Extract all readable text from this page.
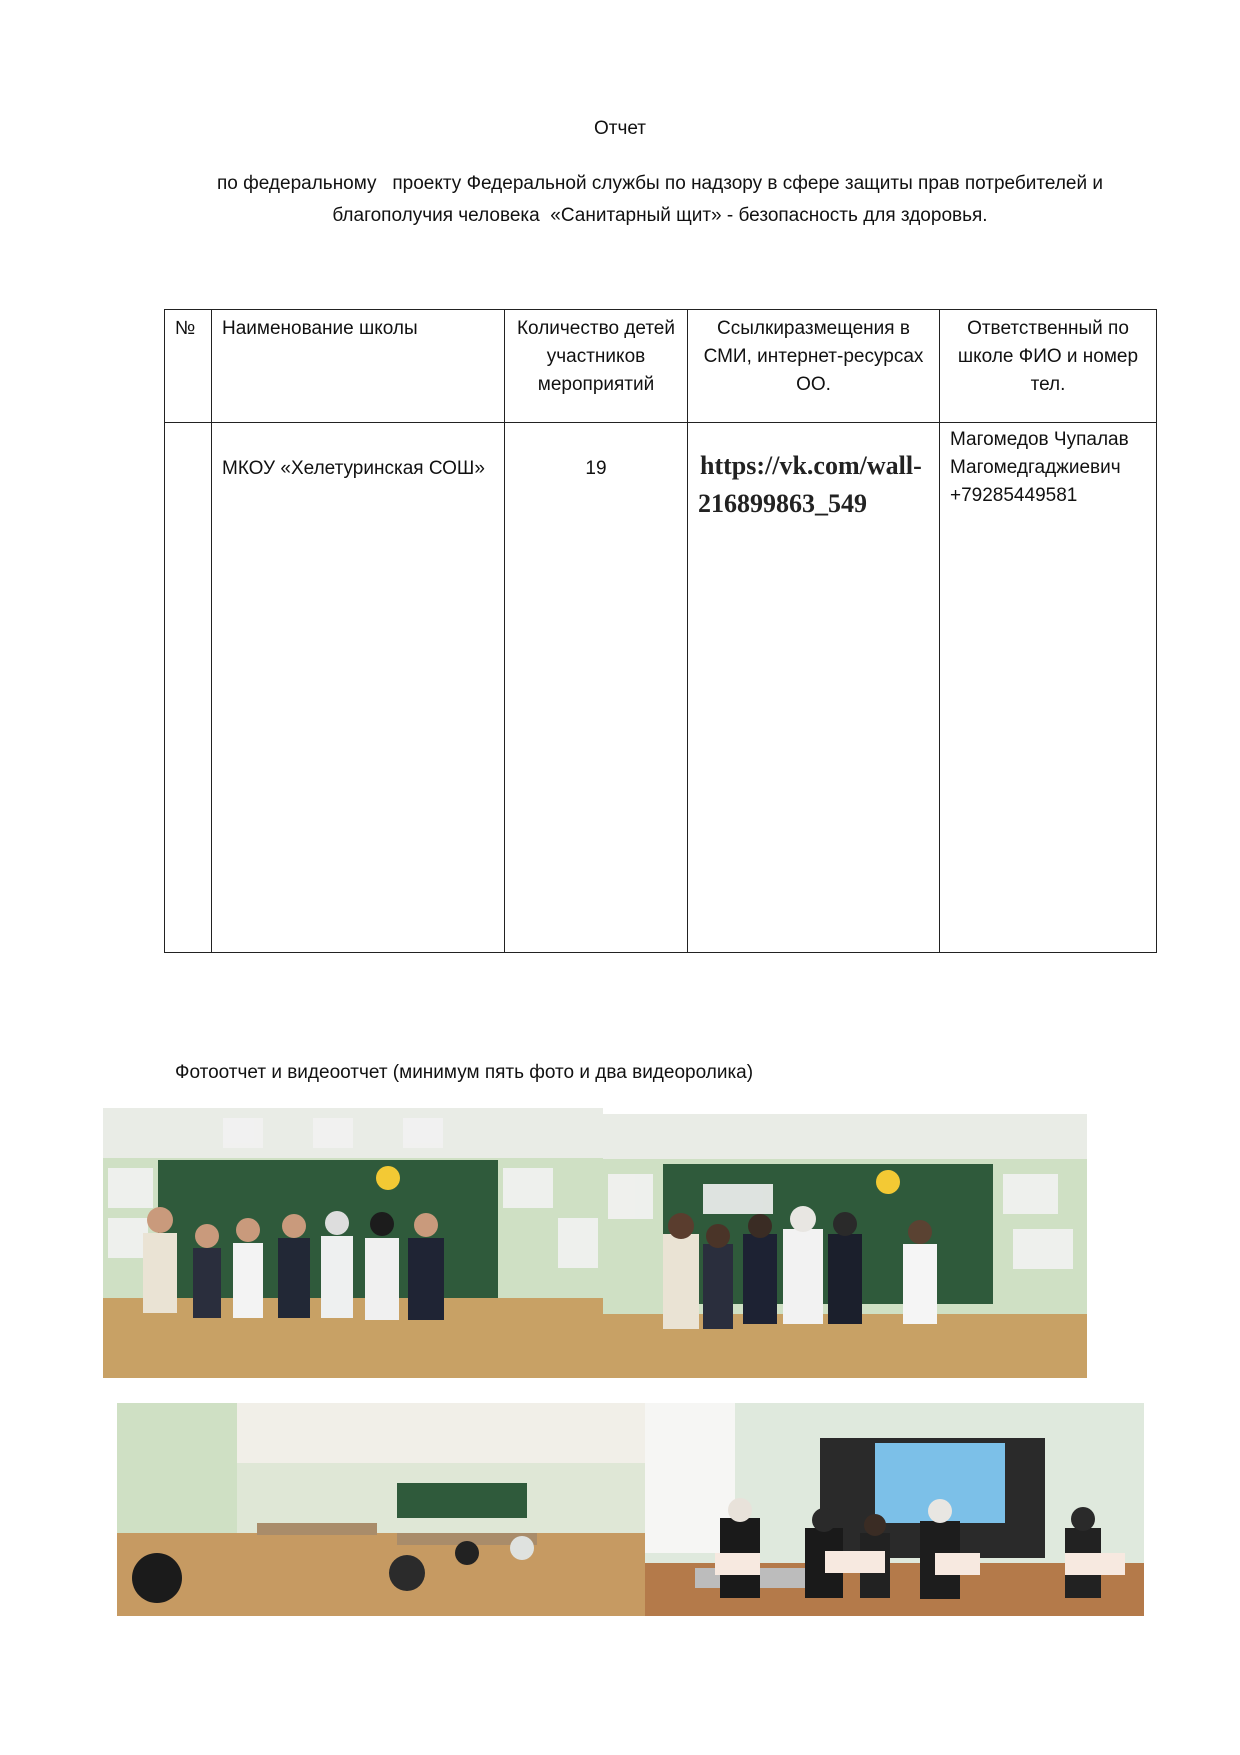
Отчет
по федеральному   проекту Федеральной службы по надзору в сфере защиты прав потребителей и благополучия человека  «Санитарный щит» - безопасность для здоровья.
№	Наименование школы	Количество детей участников мероприятий	Ссылкиразмещения в СМИ, интернет-ресурсах ОО.	Ответственный по школе ФИО и номер тел.
	МКОУ «Хелетуринская СОШ»	19	https://vk.com/wall-216899863_549	Магомедов Чупалав Магомедгаджиевич +79285449581
Фотоотчет и видеоотчет (минимум пять фото и два видеоролика)
